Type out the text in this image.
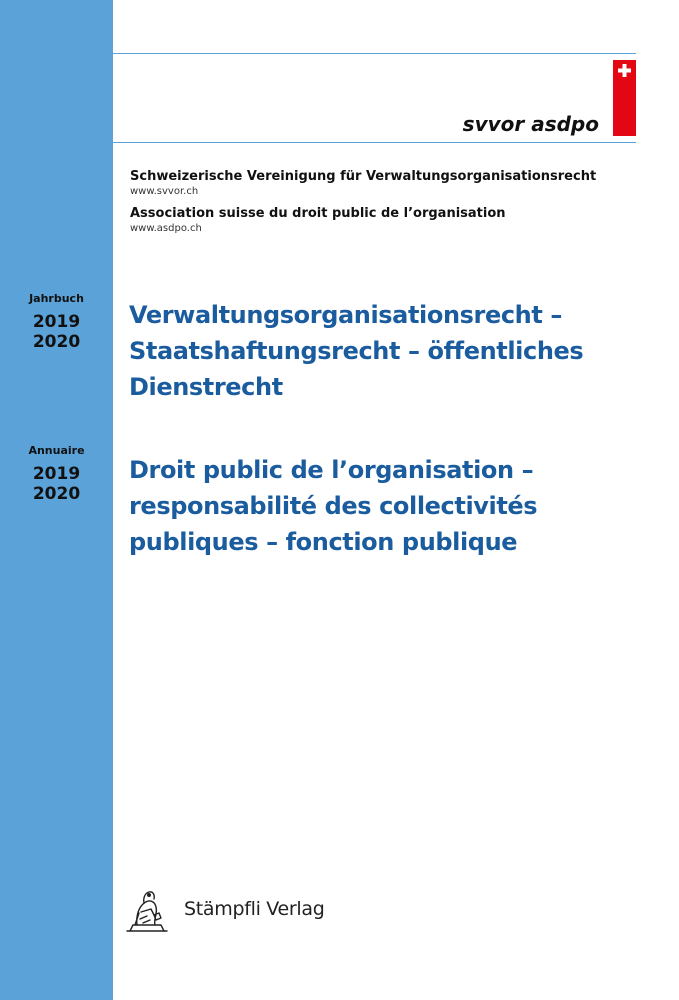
svvor asdpo
Schweizerische Vereinigung für Verwaltungsorganisationsrecht
www.svvor.ch
Association suisse du droit public de l’organisation
www.asdpo.ch
Jahrbuch
2019
2020
Verwaltungsorganisationsrecht –
Staatshaftungsrecht – öffentliches
Dienstrecht
Annuaire
2019
2020
Droit public de l’organisation –
responsabilité des collectivités
publiques – fonction publique
Stämpfli Verlag
